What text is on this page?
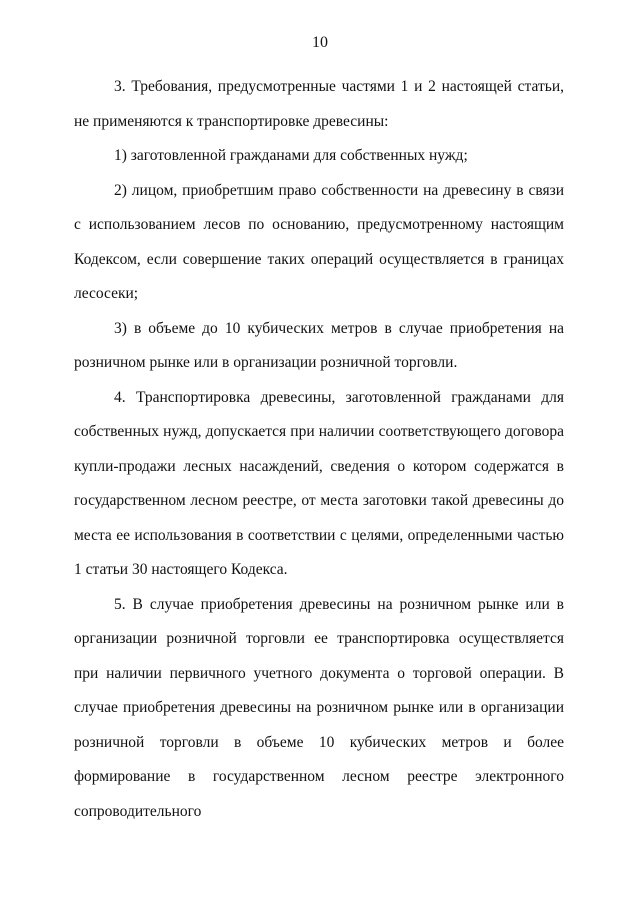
10

3. Требования, предусмотренные частями 1 и 2 настоящей статьи, не применяются к транспортировке древесины:

1) заготовленной гражданами для собственных нужд;

2) лицом, приобретшим право собственности на древесину в связи с использованием лесов по основанию, предусмотренному настоящим Кодексом, если совершение таких операций осуществляется в границах лесосеки;

3) в объеме до 10 кубических метров в случае приобретения на розничном рынке или в организации розничной торговли.

4. Транспортировка древесины, заготовленной гражданами для собственных нужд, допускается при наличии соответствующего договора купли-продажи лесных насаждений, сведения о котором содержатся в государственном лесном реестре, от места заготовки такой древесины до места ее использования в соответствии с целями, определенными частью 1 статьи 30 настоящего Кодекса.

5. В случае приобретения древесины на розничном рынке или в организации розничной торговли ее транспортировка осуществляется при наличии первичного учетного документа о торговой операции. В случае приобретения древесины на розничном рынке или в организации розничной торговли в объеме 10 кубических метров и более формирование в государственном лесном реестре электронного сопроводительного
